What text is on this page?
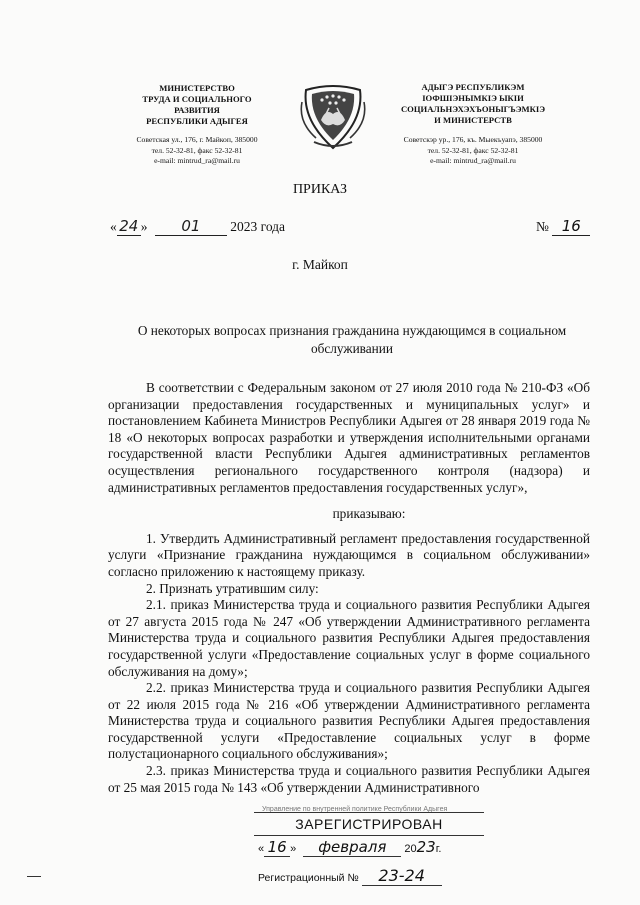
МИНИСТЕРСТВО
ТРУДА И СОЦИАЛЬНОГО
РАЗВИТИЯ
РЕСПУБЛИКИ АДЫГЕЯ
Советская ул., 176, г. Майкоп, 385000
тел. 52-32-81, факс 52-32-81
e-mail: mintrud_ra@mail.ru
АДЫГЭ РЕСПУБЛИКЭМ
IОФШIЭНЫМКIЭ ЫКIИ
СОЦИАЛЬНЭХЭХЪОНЫГЪЭМКIЭ
И МИНИСТЕРСТВ
Советскэр ур., 176, къ. Мыекъуапэ, 385000
тел. 52-32-81, факс 52-32-81
e-mail: mintrud_ra@mail.ru
ПРИКАЗ
« 24 » 01 2023 года	№ 16
г. Майкоп
О некоторых вопросах признания гражданина нуждающимся в социальном обслуживании

В соответствии с Федеральным законом от 27 июля 2010 года № 210-ФЗ «Об организации предоставления государственных и муниципальных услуг» и постановлением Кабинета Министров Республики Адыгея от 28 января 2019 года № 18 «О некоторых вопросах разработки и утверждения исполнительными органами государственной власти Республики Адыгея административных регламентов осуществления регионального государственного контроля (надзора) и административных регламентов предоставления государственных услуг»,

приказываю:

1. Утвердить Административный регламент предоставления государственной услуги «Признание гражданина нуждающимся в социальном обслуживании» согласно приложению к настоящему приказу.

2. Признать утратившим силу:

2.1. приказ Министерства труда и социального развития Республики Адыгея от 27 августа 2015 года № 247 «Об утверждении Административного регламента Министерства труда и социального развития Республики Адыгея предоставления государственной услуги «Предоставление социальных услуг в форме социального обслуживания на дому»;

2.2. приказ Министерства труда и социального развития Республики Адыгея от 22 июля 2015 года № 216 «Об утверждении Административного регламента Министерства труда и социального развития Республики Адыгея предоставления государственной услуги «Предоставление социальных услуг в форме полустационарного социального обслуживания»;

2.3. приказ Министерства труда и социального развития Республики Адыгея от 25 мая 2015 года № 143 «Об утверждении Административного

Управление по внутренней политике Республики Адыгея
ЗАРЕГИСТРИРОВАН
« 16 » февраля 2023г.
Регистрационный № 23-24
